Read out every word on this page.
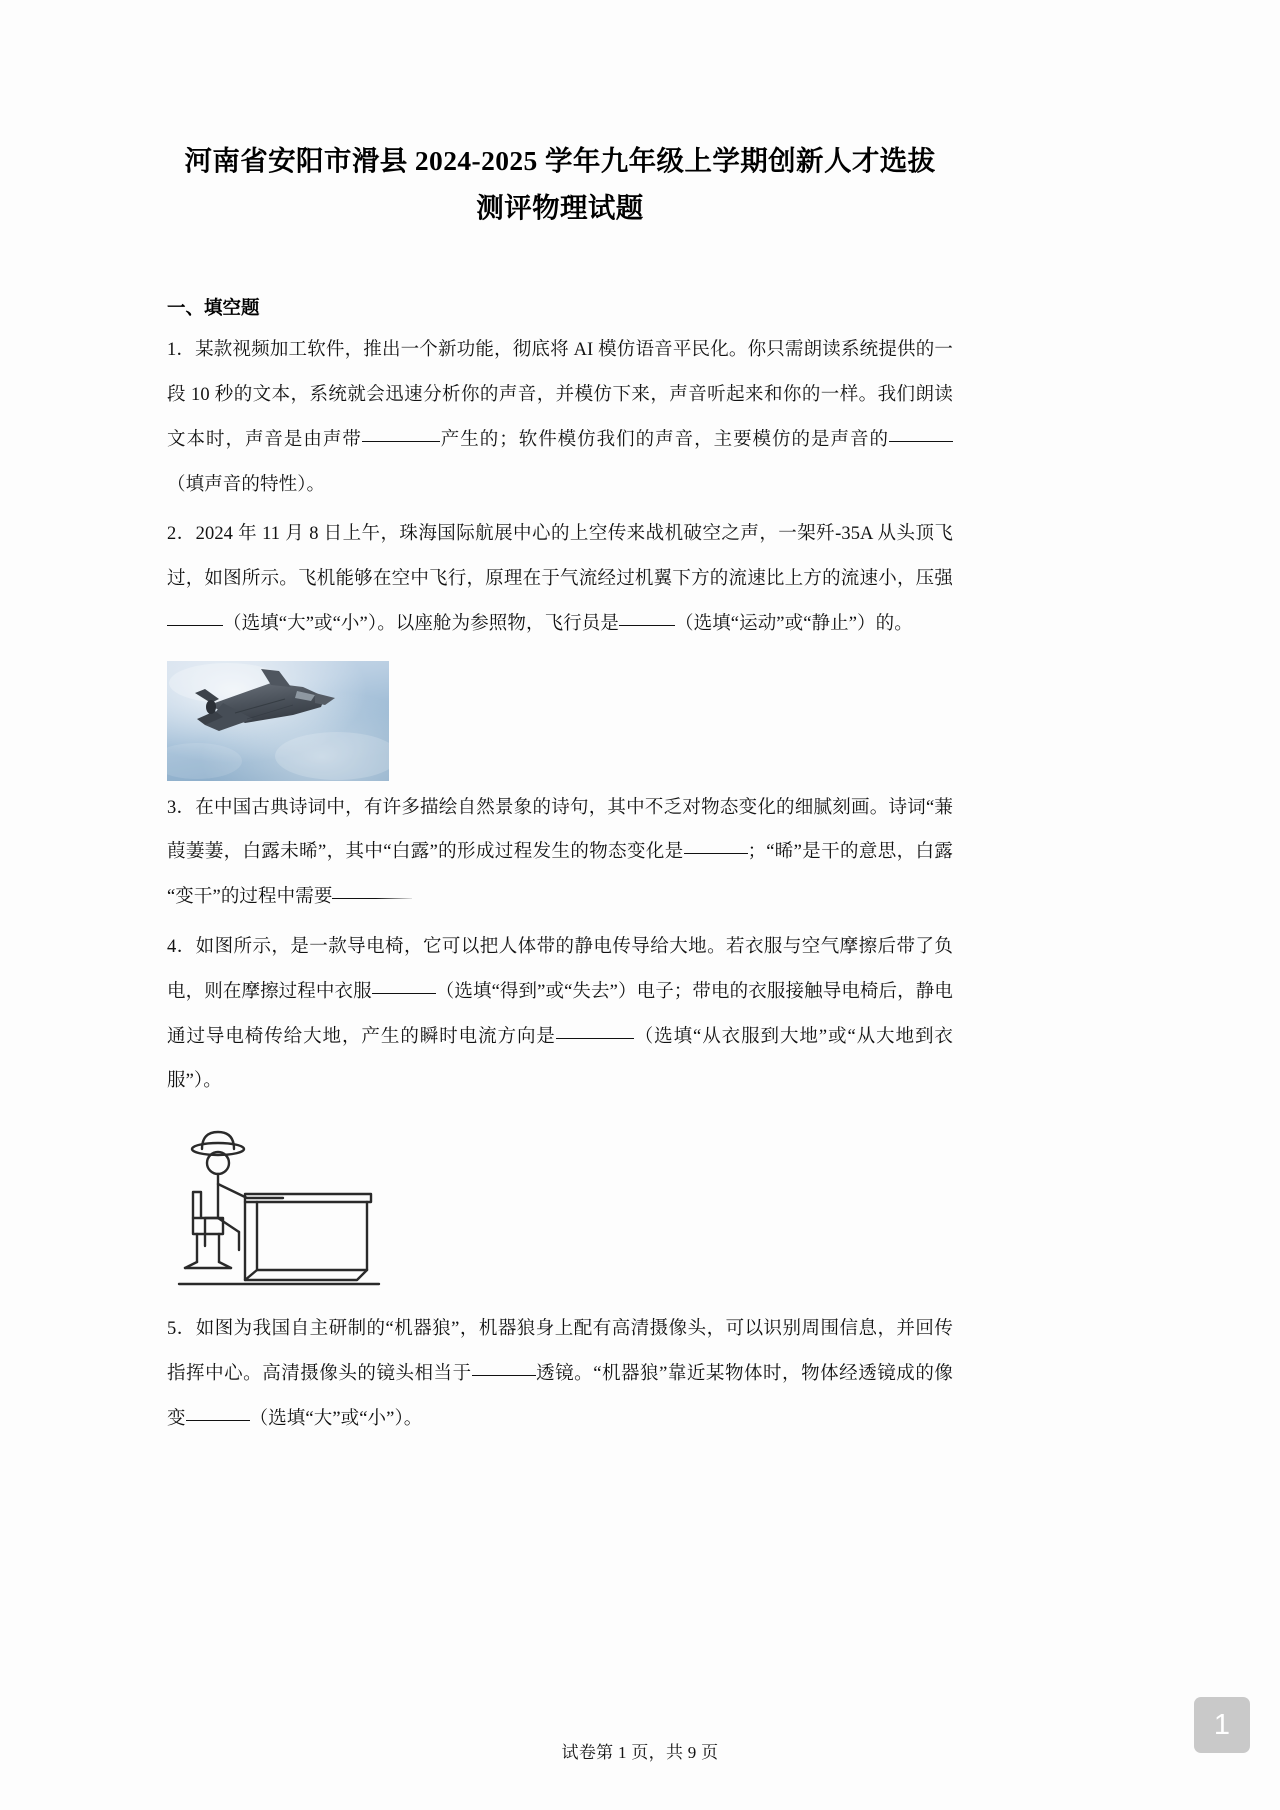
河南省安阳市滑县 2024-2025 学年九年级上学期创新人才选拔
测评物理试题
一、填空题

1．某款视频加工软件，推出一个新功能，彻底将 AI 模仿语音平民化。你只需朗读系统提供的一段 10 秒的文本，系统就会迅速分析你的声音，并模仿下来，声音听起来和你的一样。我们朗读文本时，声音是由声带	产生的；软件模仿我们的声音，主要模仿的是声音的（填声音的特性）。

2．2024 年 11 月 8 日上午，珠海国际航展中心的上空传来战机破空之声，一架歼-35A 从头顶飞过，如图所示。飞机能够在空中飞行，原理在于气流经过机翼下方的流速比上方的流速小，压强（选填“大”或“小”）。以座舱为参照物，飞行员是	（选填“运动”或“静止”）的。

3．在中国古典诗词中，有许多描绘自然景象的诗句，其中不乏对物态变化的细腻刻画。诗词“蒹葭萋萋，白露未晞”，其中“白露”的形成过程发生的物态变化是	；“晞”是干的意思，白露“变干”的过程中需要

4．如图所示，是一款导电椅，它可以把人体带的静电传导给大地。若衣服与空气摩擦后带了负电，则在摩擦过程中衣服	（选填“得到”或“失去”）电子；带电的衣服接触导电椅后，静电通过导电椅传给大地，产生的瞬时电流方向是	（选填“从衣服到大地”或“从大地到衣服”）。

5．如图为我国自主研制的“机器狼”，机器狼身上配有高清摄像头，可以识别周围信息，并回传指挥中心。高清摄像头的镜头相当于	透镜。“机器狼”靠近某物体时，物体经透镜成的像变	（选填“大”或“小”）。

试卷第 1 页，共 9 页
1
